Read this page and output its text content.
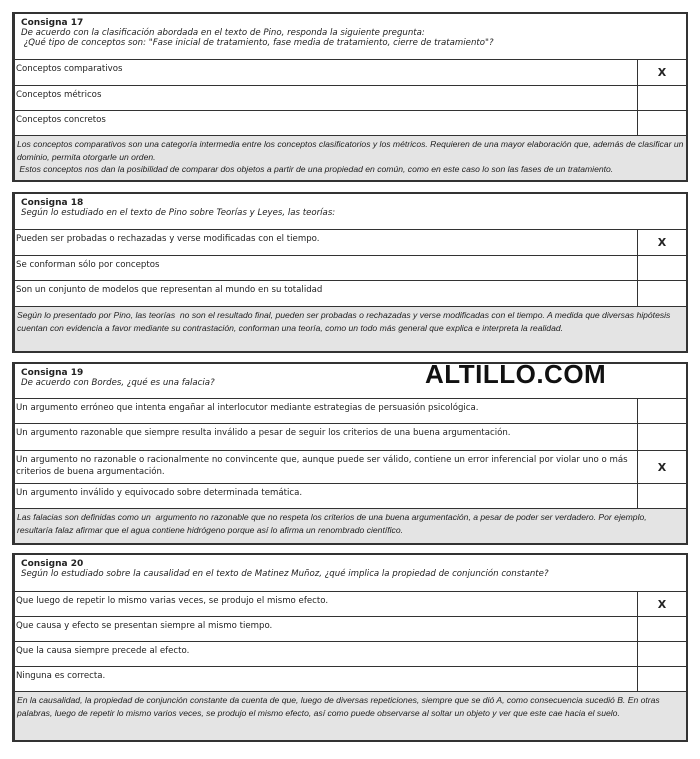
Consigna 17
De acuerdo con la clasificación abordada en el texto de Pino, responda la siguiente pregunta:
¿Qué tipo de conceptos son: "Fase inicial de tratamiento, fase media de tratamiento, cierre de tratamiento"?
Conceptos comparativos	X
Conceptos métricos
Conceptos concretos
Los conceptos comparativos son una categoría intermedia entre los conceptos clasificatorios y los métricos. Requieren de una mayor elaboración que, además de clasificar un dominio, permita otorgarle un orden.
Estos conceptos nos dan la posibilidad de comparar dos objetos a partir de una propiedad en común, como en este caso lo son las fases de un tratamiento.
Consigna 18
Según lo estudiado en el texto de Pino sobre Teorías y Leyes, las teorías:
Pueden ser probadas o rechazadas y verse modificadas con el tiempo.	X
Se conforman sólo por conceptos
Son un conjunto de modelos que representan al mundo en su totalidad
Según lo presentado por Pino, las teorías  no son el resultado final, pueden ser probadas o rechazadas y verse modificadas con el tiempo. A medida que diversas hipótesis cuentan con evidencia a favor mediante su contrastación, conforman una teoría, como un todo más general que explica e interpreta la realidad.
Consigna 19
De acuerdo con Bordes, ¿qué es una falacia?
Un argumento erróneo que intenta engañar al interlocutor mediante estrategias de persuasión psicológica.
Un argumento razonable que siempre resulta inválido a pesar de seguir los criterios de una buena argumentación.
Un argumento no razonable o racionalmente no convincente que, aunque puede ser válido, contiene un error inferencial por violar uno o más criterios de buena argumentación.	X
Un argumento inválido y equivocado sobre determinada temática.
Las falacias son definidas como un  argumento no razonable que no respeta los criterios de una buena argumentación, a pesar de poder ser verdadero. Por ejemplo, resultaría falaz afirmar que el agua contiene hidrógeno porque así lo afirma un renombrado científico.
Consigna 20
Según lo estudiado sobre la causalidad en el texto de Matinez Muñoz, ¿qué implica la propiedad de conjunción constante?
Que luego de repetir lo mismo varias veces, se produjo el mismo efecto.	X
Que causa y efecto se presentan siempre al mismo tiempo.
Que la causa siempre precede al efecto.
Ninguna es correcta.
En la causalidad, la propiedad de conjunción constante da cuenta de que, luego de diversas repeticiones, siempre que se dió A, como consecuencia sucedió B. En otras palabras, luego de repetir lo mismo varios veces, se produjo el mismo efecto, así como puede observarse al soltar un objeto y ver que este cae hacia el suelo.
ALTILLO.COM
